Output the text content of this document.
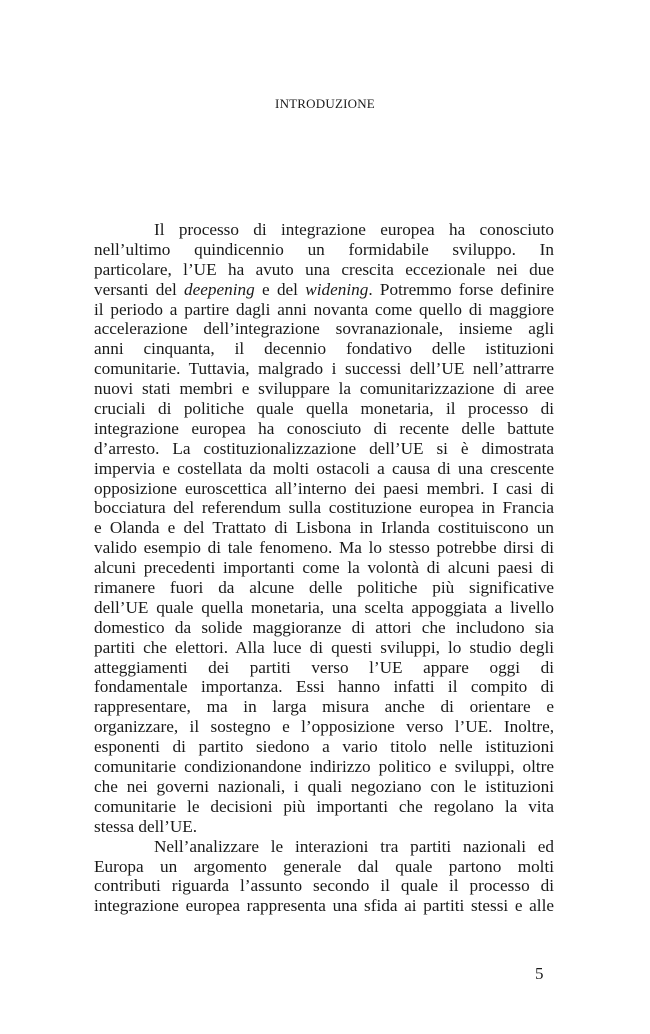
INTRODUZIONE
Il processo di integrazione europea ha conosciuto
nell’ultimo quindicennio un formidabile sviluppo. In
particolare, l’UE ha avuto una crescita eccezionale nei due
versanti del deepening e del widening. Potremmo forse definire
il periodo a partire dagli anni novanta come quello di maggiore
accelerazione dell’integrazione sovranazionale, insieme agli
anni cinquanta, il decennio fondativo delle istituzioni
comunitarie. Tuttavia, malgrado i successi dell’UE nell’attrarre
nuovi stati membri e sviluppare la comunitarizzazione di aree
cruciali di politiche quale quella monetaria, il processo di
integrazione europea ha conosciuto di recente delle battute
d’arresto. La costituzionalizzazione dell’UE si è dimostrata
impervia e costellata da molti ostacoli a causa di una crescente
opposizione euroscettica all’interno dei paesi membri. I casi di
bocciatura del referendum sulla costituzione europea in Francia
e Olanda e del Trattato di Lisbona in Irlanda costituiscono un
valido esempio di tale fenomeno. Ma lo stesso potrebbe dirsi di
alcuni precedenti importanti come la volontà di alcuni paesi di
rimanere fuori da alcune delle politiche più significative
dell’UE quale quella monetaria, una scelta appoggiata a livello
domestico da solide maggioranze di attori che includono sia
partiti che elettori. Alla luce di questi sviluppi, lo studio degli
atteggiamenti dei partiti verso l’UE appare oggi di
fondamentale importanza. Essi hanno infatti il compito di
rappresentare, ma in larga misura anche di orientare e
organizzare, il sostegno e l’opposizione verso l’UE. Inoltre,
esponenti di partito siedono a vario titolo nelle istituzioni
comunitarie condizionandone indirizzo politico e sviluppi, oltre
che nei governi nazionali, i quali negoziano con le istituzioni
comunitarie le decisioni più importanti che regolano la vita
stessa dell’UE.
Nell’analizzare le interazioni tra partiti nazionali ed
Europa un argomento generale dal quale partono molti
contributi riguarda l’assunto secondo il quale il processo di
integrazione europea rappresenta una sfida ai partiti stessi e alle
5
